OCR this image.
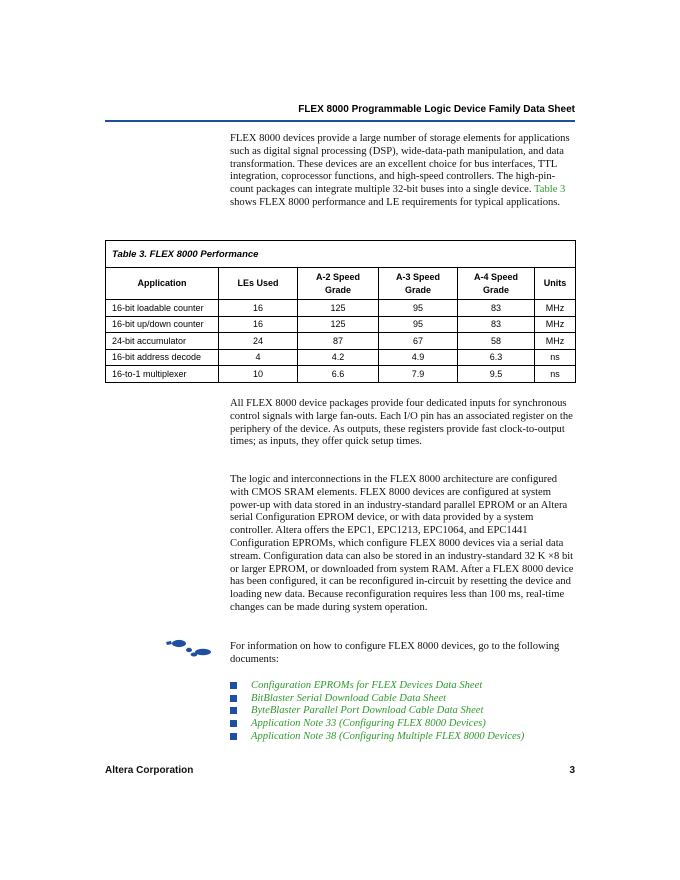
FLEX 8000 Programmable Logic Device Family Data Sheet

FLEX 8000 devices provide a large number of storage elements for applications such as digital signal processing (DSP), wide-data-path manipulation, and data transformation. These devices are an excellent choice for bus interfaces, TTL integration, coprocessor functions, and high-speed controllers. The high-pin-count packages can integrate multiple 32-bit buses into a single device. Table 3 shows FLEX 8000 performance and LE requirements for typical applications.

Table 3. FLEX 8000 Performance					
Application	LEs Used	A-2 Speed Grade	A-3 Speed Grade	A-4 Speed Grade	Units
16-bit loadable counter	16	125	95	83	MHz
16-bit up/down counter	16	125	95	83	MHz
24-bit accumulator	24	87	67	58	MHz
16-bit address decode	4	4.2	4.9	6.3	ns
16-to-1 multiplexer	10	6.6	7.9	9.5	ns

All FLEX 8000 device packages provide four dedicated inputs for synchronous control signals with large fan-outs. Each I/O pin has an associated register on the periphery of the device. As outputs, these registers provide fast clock-to-output times; as inputs, they offer quick setup times.

The logic and interconnections in the FLEX 8000 architecture are configured with CMOS SRAM elements. FLEX 8000 devices are configured at system power-up with data stored in an industry-standard parallel EPROM or an Altera serial Configuration EPROM device, or with data provided by a system controller. Altera offers the EPC1, EPC1213, EPC1064, and EPC1441 Configuration EPROMs, which configure FLEX 8000 devices via a serial data stream. Configuration data can also be stored in an industry-standard 32 K ×8 bit or larger EPROM, or downloaded from system RAM. After a FLEX 8000 device has been configured, it can be reconfigured in-circuit by resetting the device and loading new data. Because reconfiguration requires less than 100 ms, real-time changes can be made during system operation.

For information on how to configure FLEX 8000 devices, go to the following documents:

Configuration EPROMs for FLEX Devices Data Sheet
BitBlaster Serial Download Cable Data Sheet
ByteBlaster Parallel Port Download Cable Data Sheet
Application Note 33 (Configuring FLEX 8000 Devices)
Application Note 38 (Configuring Multiple FLEX 8000 Devices)
Altera Corporation	3
